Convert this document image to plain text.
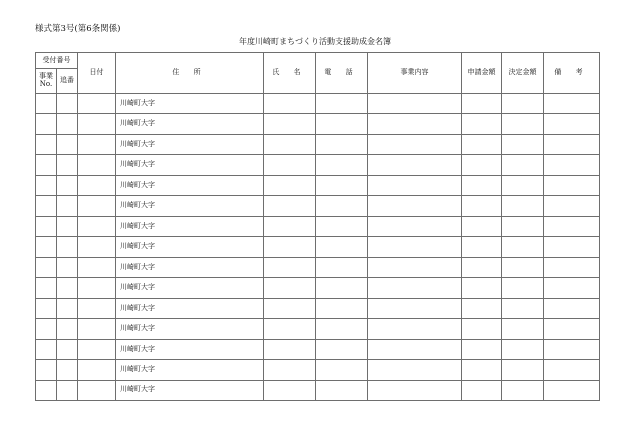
様式第3号(第6条関係)
年度川崎町まちづくり活動支援助成金名簿
受付番号		日付	住 所	氏 名	電 話	事業内容	申請金額	決定金額	備 考

事業
No.	追番								
			川崎町大字						
			川崎町大字						
			川崎町大字						
			川崎町大字						
			川崎町大字						
			川崎町大字						
			川崎町大字						
			川崎町大字						
			川崎町大字						
			川崎町大字						
			川崎町大字						
			川崎町大字						
			川崎町大字						
			川崎町大字						
			川崎町大字						
